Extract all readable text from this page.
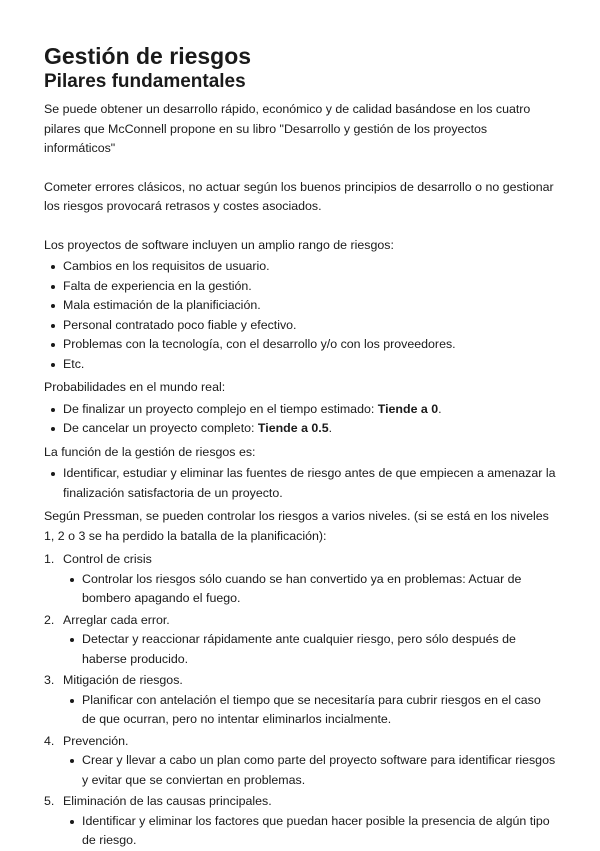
Gestión de riesgos
Pilares fundamentales

Se puede obtener un desarrollo rápido, económico y de calidad basándose en los cuatro pilares que McConnell propone en su libro "Desarrollo y gestión de los proyectos informáticos"

Cometer errores clásicos, no actuar según los buenos principios de desarrollo o no gestionar los riesgos provocará retrasos y costes asociados.

Los proyectos de software incluyen un amplio rango de riesgos:

Cambios en los requisitos de usuario.
Falta de experiencia en la gestión.
Mala estimación de la planificiación.
Personal contratado poco fiable y efectivo.
Problemas con la tecnología, con el desarrollo y/o con los proveedores.
Etc.

Probabilidades en el mundo real:

De finalizar un proyecto complejo en el tiempo estimado: Tiende a 0.
De cancelar un proyecto completo: Tiende a 0.5.

La función de la gestión de riesgos es:

Identificar, estudiar y eliminar las fuentes de riesgo antes de que empiecen a amenazar la finalización satisfactoria de un proyecto.

Según Pressman, se pueden controlar los riesgos a varios niveles. (si se está en los niveles 1, 2 o 3 se ha perdido la batalla de la planificación):

1. Control de crisis
Controlar los riesgos sólo cuando se han convertido ya en problemas: Actuar de bombero apagando el fuego.
2. Arreglar cada error.
Detectar y reaccionar rápidamente ante cualquier riesgo, pero sólo después de haberse producido.
3. Mitigación de riesgos.
Planificar con antelación el tiempo que se necesitaría para cubrir riesgos en el caso de que ocurran, pero no intentar eliminarlos incialmente.
4. Prevención.
Crear y llevar a cabo un plan como parte del proyecto software para identificar riesgos y evitar que se conviertan en problemas.
5. Eliminación de las causas principales.
Identificar y eliminar los factores que puedan hacer posible la presencia de algún tipo de riesgo.
